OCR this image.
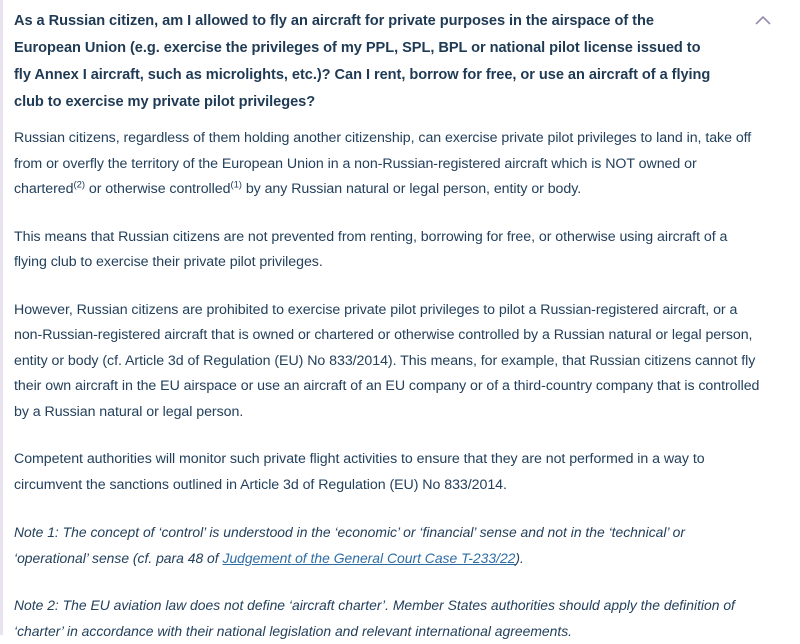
As a Russian citizen, am I allowed to fly an aircraft for private purposes in the airspace of the European Union (e.g. exercise the privileges of my PPL, SPL, BPL or national pilot license issued to fly Annex I aircraft, such as microlights, etc.)? Can I rent, borrow for free, or use an aircraft of a flying club to exercise my private pilot privileges?

Russian citizens, regardless of them holding another citizenship, can exercise private pilot privileges to land in, take off from or overfly the territory of the European Union in a non-Russian-registered aircraft which is NOT owned or chartered$^{(2)}$ or otherwise controlled$^{(1)}$ by any Russian natural or legal person, entity or body.

This means that Russian citizens are not prevented from renting, borrowing for free, or otherwise using aircraft of a flying club to exercise their private pilot privileges.

However, Russian citizens are prohibited to exercise private pilot privileges to pilot a Russian-registered aircraft, or a non-Russian-registered aircraft that is owned or chartered or otherwise controlled by a Russian natural or legal person, entity or body (cf. Article 3d of Regulation (EU) No 833/2014). This means, for example, that Russian citizens cannot fly their own aircraft in the EU airspace or use an aircraft of an EU company or of a third-country company that is controlled by a Russian natural or legal person.

Competent authorities will monitor such private flight activities to ensure that they are not performed in a way to circumvent the sanctions outlined in Article 3d of Regulation (EU) No 833/2014.

Note 1: The concept of ‘control’ is understood in the ‘economic’ or ‘financial’ sense and not in the ‘technical’ or ‘operational’ sense (cf. para 48 of Judgement of the General Court Case T-233/22).

Note 2: The EU aviation law does not define ‘aircraft charter’. Member States authorities should apply the definition of ‘charter’ in accordance with their national legislation and relevant international agreements.
